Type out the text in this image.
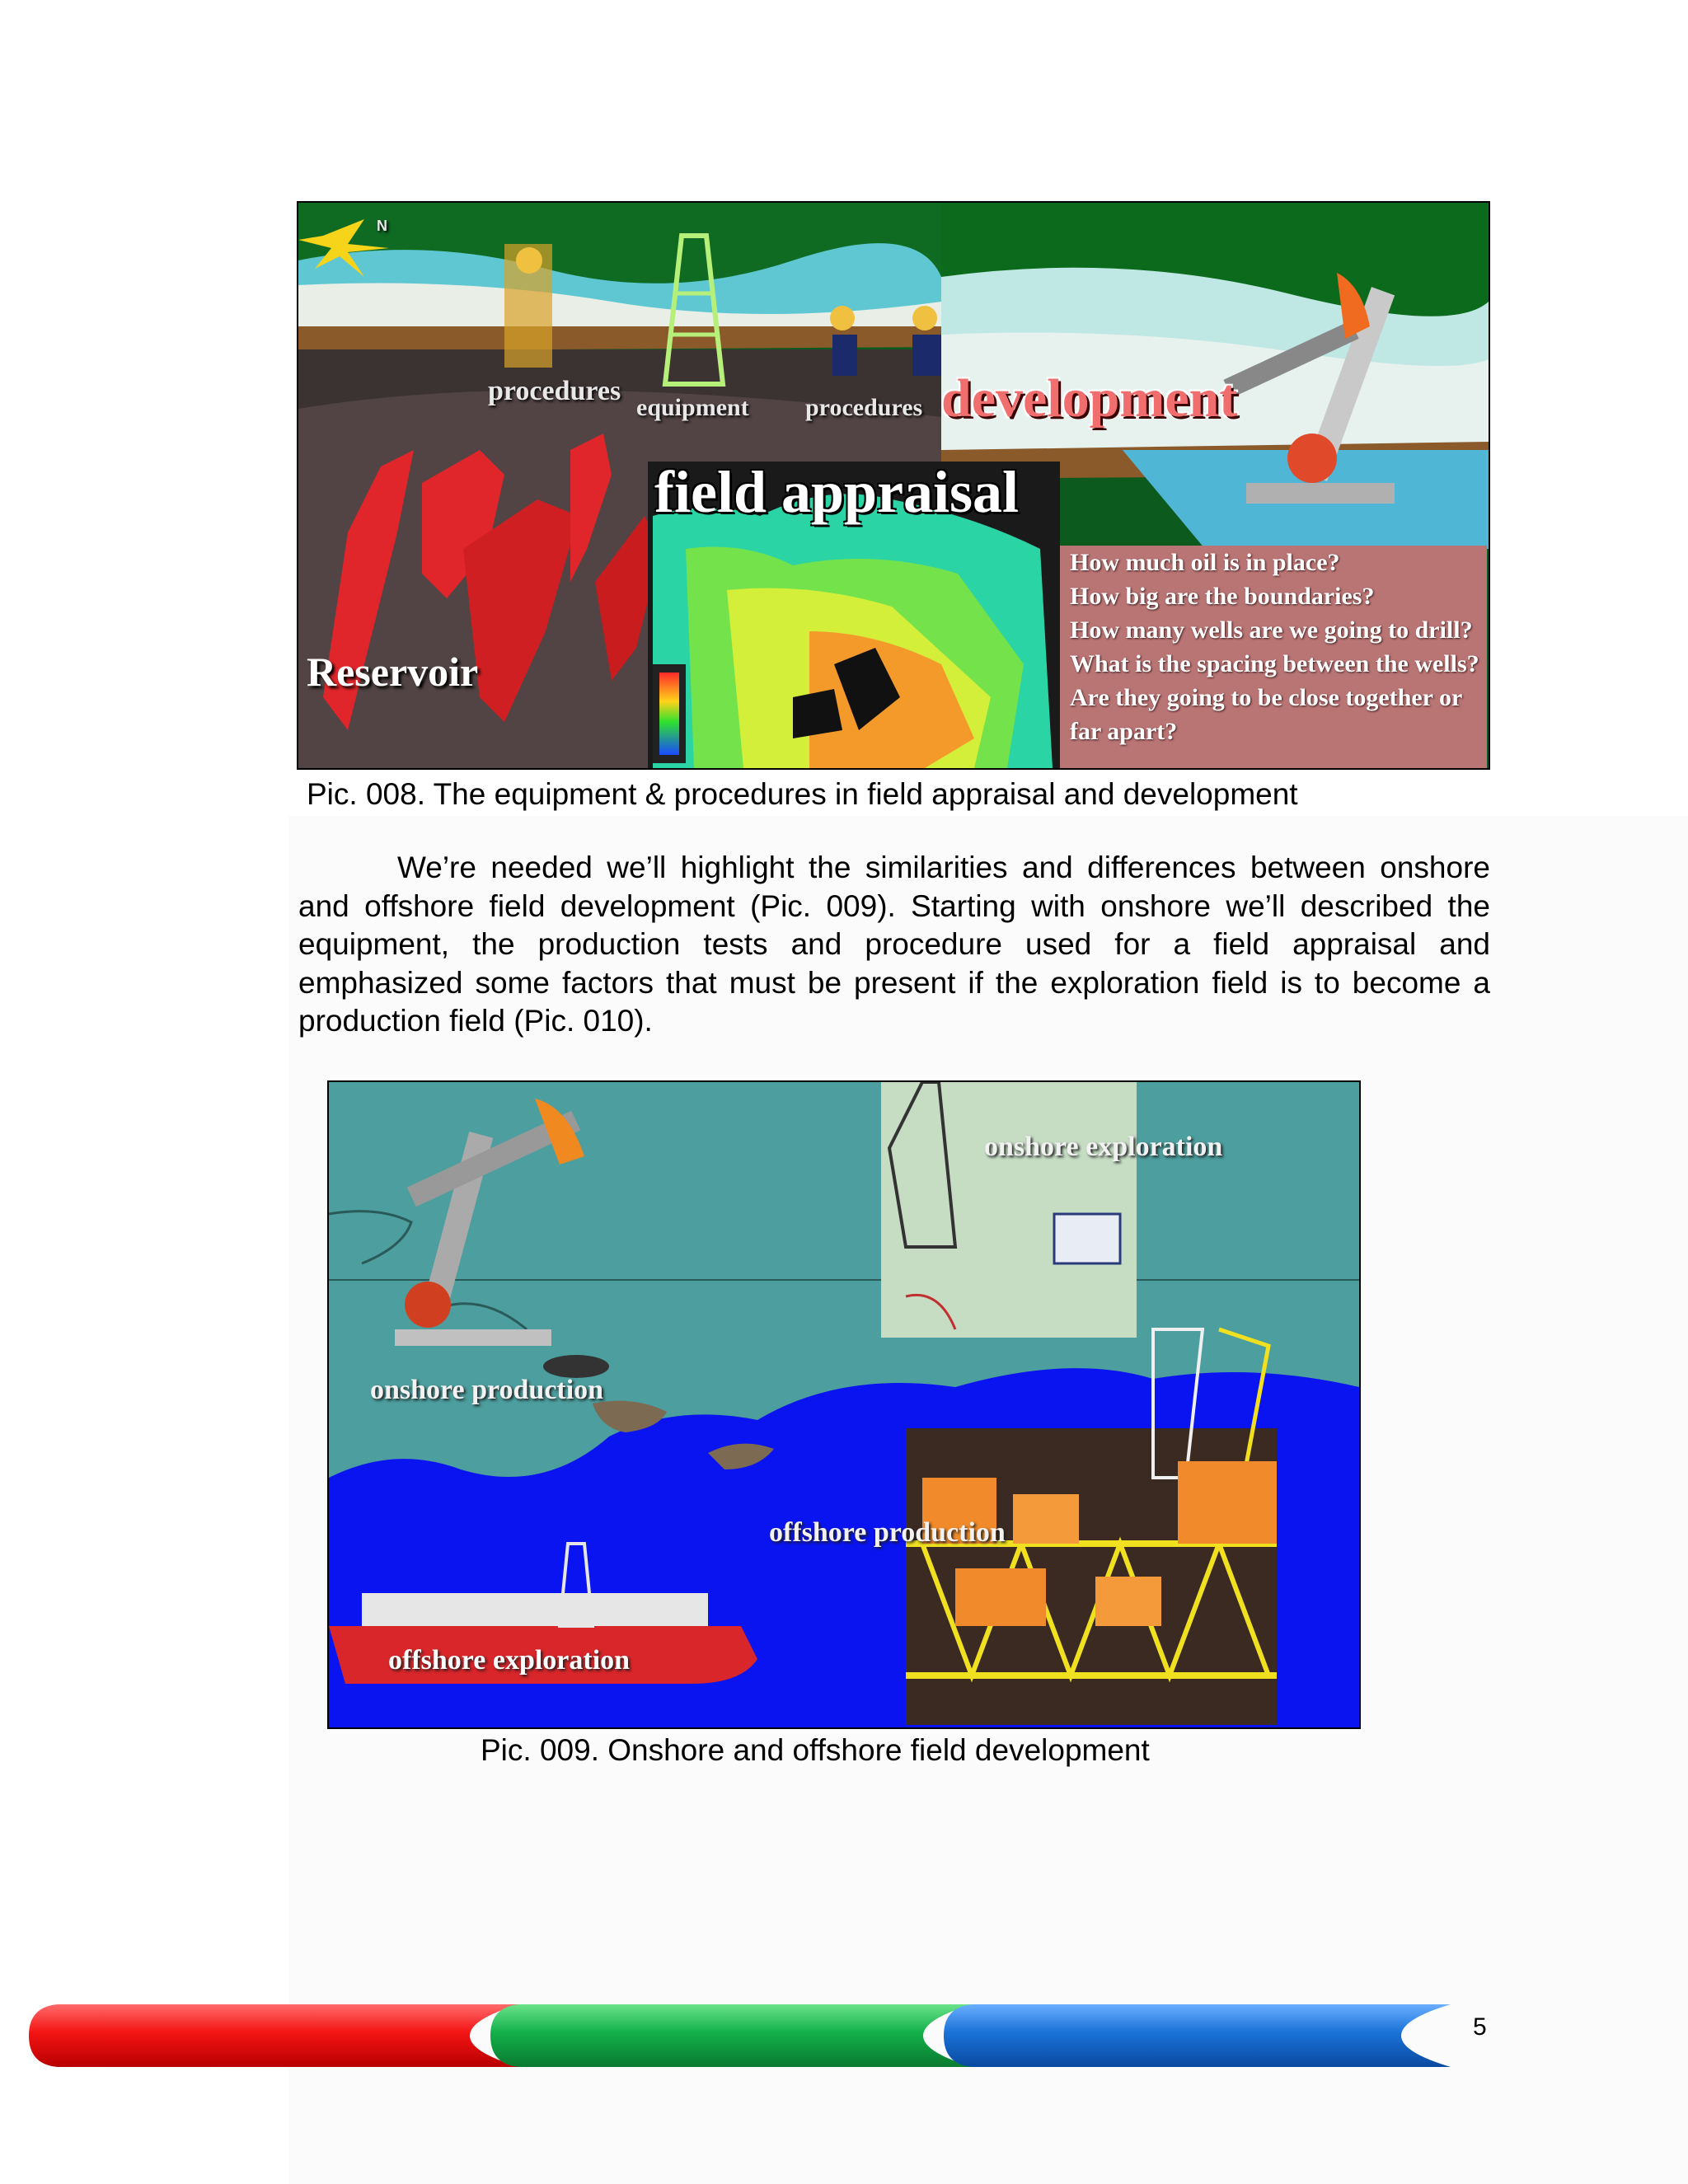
N
procedures
equipment procedures development
field appraisal
Reservoir
How much oil is in place?
How big are the boundaries?
How many wells are we going to drill?
What is the spacing between the wells?
Are they going to be close together or
far apart?
Pic. 008. The equipment & procedures in field appraisal and development

We’re needed we’ll highlight the similarities and differences between onshore and offshore field development (Pic. 009). Starting with onshore we’ll described the equipment, the production tests and procedure used for a field appraisal and emphasized some factors that must be present if the exploration field is to become a production field (Pic. 010).

onshore exploration
onshore production
offshore production
offshore exploration
Pic. 009. Onshore and offshore field development
5
